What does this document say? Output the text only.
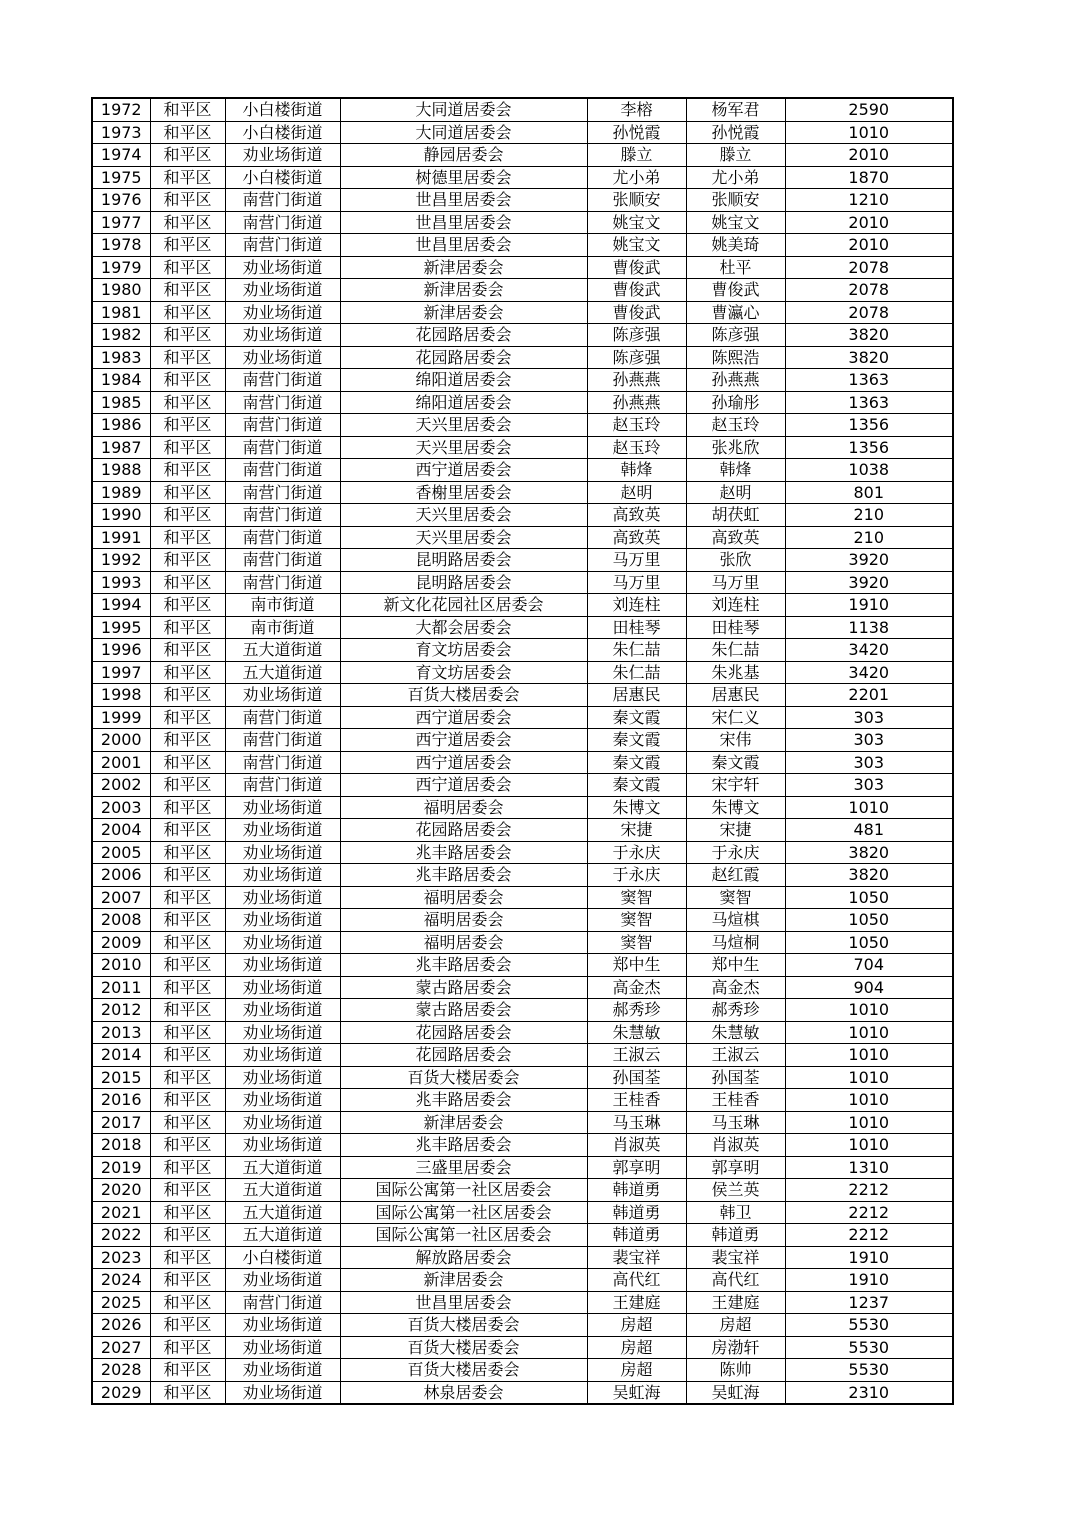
1972	和平区	小白楼街道	大同道居委会	李榕	杨军君	2590
1973	和平区	小白楼街道	大同道居委会	孙悦霞	孙悦霞	1010
1974	和平区	劝业场街道	静园居委会	滕立	滕立	2010
1975	和平区	小白楼街道	树德里居委会	尤小弟	尤小弟	1870
1976	和平区	南营门街道	世昌里居委会	张顺安	张顺安	1210
1977	和平区	南营门街道	世昌里居委会	姚宝文	姚宝文	2010
1978	和平区	南营门街道	世昌里居委会	姚宝文	姚美琦	2010
1979	和平区	劝业场街道	新津居委会	曹俊武	杜平	2078
1980	和平区	劝业场街道	新津居委会	曹俊武	曹俊武	2078
1981	和平区	劝业场街道	新津居委会	曹俊武	曹瀛心	2078
1982	和平区	劝业场街道	花园路居委会	陈彦强	陈彦强	3820
1983	和平区	劝业场街道	花园路居委会	陈彦强	陈熙浩	3820
1984	和平区	南营门街道	绵阳道居委会	孙燕燕	孙燕燕	1363
1985	和平区	南营门街道	绵阳道居委会	孙燕燕	孙瑜彤	1363
1986	和平区	南营门街道	天兴里居委会	赵玉玲	赵玉玲	1356
1987	和平区	南营门街道	天兴里居委会	赵玉玲	张兆欣	1356
1988	和平区	南营门街道	西宁道居委会	韩烽	韩烽	1038
1989	和平区	南营门街道	香榭里居委会	赵明	赵明	801
1990	和平区	南营门街道	天兴里居委会	高致英	胡茯虹	210
1991	和平区	南营门街道	天兴里居委会	高致英	高致英	210
1992	和平区	南营门街道	昆明路居委会	马万里	张欣	3920
1993	和平区	南营门街道	昆明路居委会	马万里	马万里	3920
1994	和平区	南市街道	新文化花园社区居委会	刘连柱	刘连柱	1910
1995	和平区	南市街道	大都会居委会	田桂琴	田桂琴	1138
1996	和平区	五大道街道	育文坊居委会	朱仁喆	朱仁喆	3420
1997	和平区	五大道街道	育文坊居委会	朱仁喆	朱兆基	3420
1998	和平区	劝业场街道	百货大楼居委会	居惠民	居惠民	2201
1999	和平区	南营门街道	西宁道居委会	秦文霞	宋仁义	303
2000	和平区	南营门街道	西宁道居委会	秦文霞	宋伟	303
2001	和平区	南营门街道	西宁道居委会	秦文霞	秦文霞	303
2002	和平区	南营门街道	西宁道居委会	秦文霞	宋宇轩	303
2003	和平区	劝业场街道	福明居委会	朱博文	朱博文	1010
2004	和平区	劝业场街道	花园路居委会	宋捷	宋捷	481
2005	和平区	劝业场街道	兆丰路居委会	于永庆	于永庆	3820
2006	和平区	劝业场街道	兆丰路居委会	于永庆	赵红霞	3820
2007	和平区	劝业场街道	福明居委会	窦智	窦智	1050
2008	和平区	劝业场街道	福明居委会	窦智	马煊棋	1050
2009	和平区	劝业场街道	福明居委会	窦智	马煊桐	1050
2010	和平区	劝业场街道	兆丰路居委会	郑中生	郑中生	704
2011	和平区	劝业场街道	蒙古路居委会	高金杰	高金杰	904
2012	和平区	劝业场街道	蒙古路居委会	郝秀珍	郝秀珍	1010
2013	和平区	劝业场街道	花园路居委会	朱慧敏	朱慧敏	1010
2014	和平区	劝业场街道	花园路居委会	王淑云	王淑云	1010
2015	和平区	劝业场街道	百货大楼居委会	孙国荃	孙国荃	1010
2016	和平区	劝业场街道	兆丰路居委会	王桂香	王桂香	1010
2017	和平区	劝业场街道	新津居委会	马玉琳	马玉琳	1010
2018	和平区	劝业场街道	兆丰路居委会	肖淑英	肖淑英	1010
2019	和平区	五大道街道	三盛里居委会	郭享明	郭享明	1310
2020	和平区	五大道街道	国际公寓第一社区居委会	韩道勇	侯兰英	2212
2021	和平区	五大道街道	国际公寓第一社区居委会	韩道勇	韩卫	2212
2022	和平区	五大道街道	国际公寓第一社区居委会	韩道勇	韩道勇	2212
2023	和平区	小白楼街道	解放路居委会	裴宝祥	裴宝祥	1910
2024	和平区	劝业场街道	新津居委会	高代红	高代红	1910
2025	和平区	南营门街道	世昌里居委会	王建庭	王建庭	1237
2026	和平区	劝业场街道	百货大楼居委会	房超	房超	5530
2027	和平区	劝业场街道	百货大楼居委会	房超	房渤轩	5530
2028	和平区	劝业场街道	百货大楼居委会	房超	陈帅	5530
2029	和平区	劝业场街道	林泉居委会	吴虹海	吴虹海	2310
